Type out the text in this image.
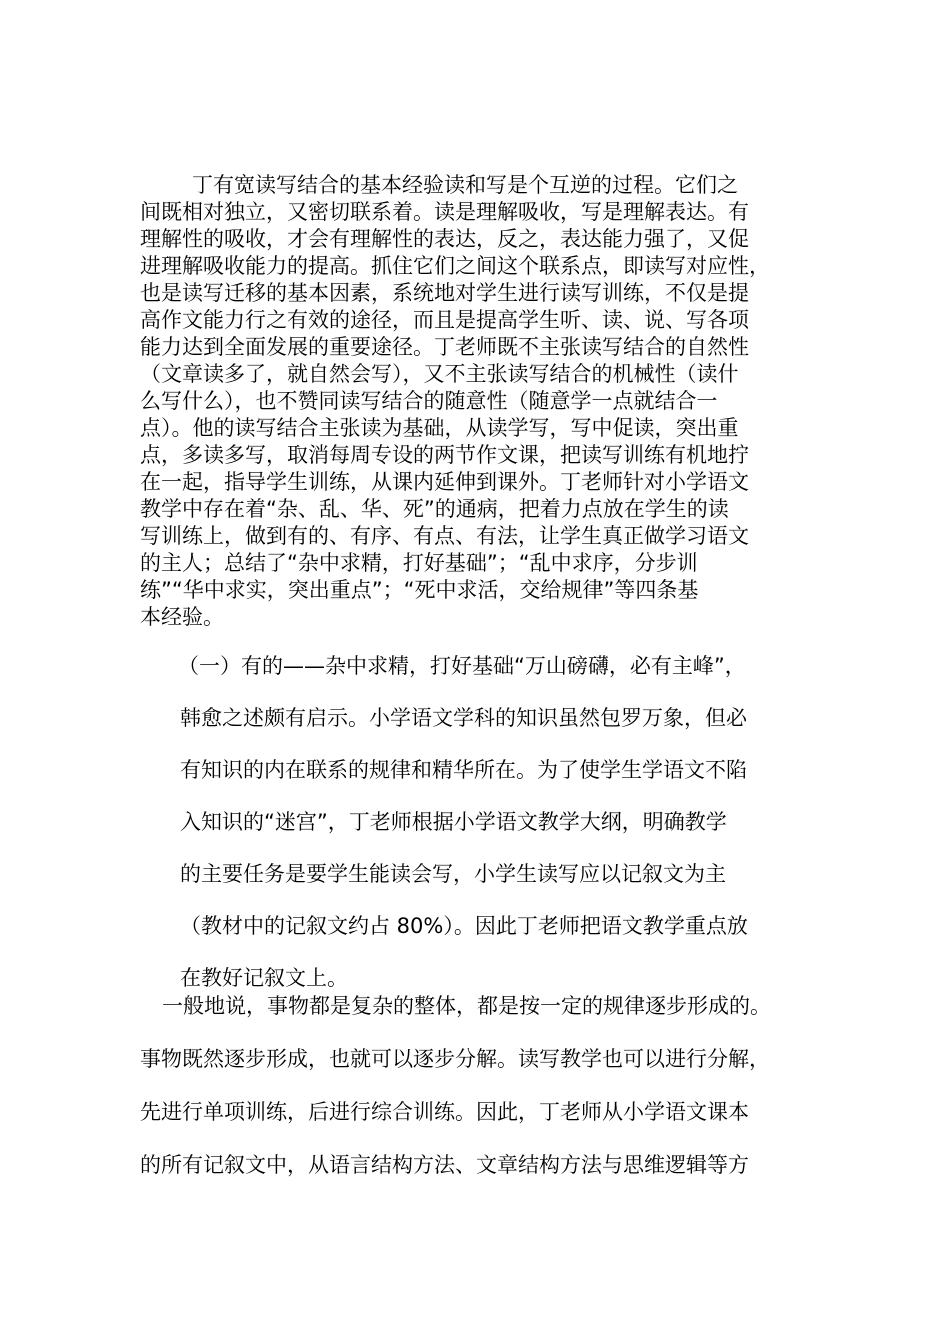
丁有宽读写结合的基本经验读和写是个互逆的过程。它们之
间既相对独立，又密切联系着。读是理解吸收，写是理解表达。有
理解性的吸收，才会有理解性的表达，反之，表达能力强了，又促
进理解吸收能力的提高。抓住它们之间这个联系点，即读写对应性，
也是读写迁移的基本因素，系统地对学生进行读写训练，不仅是提
高作文能力行之有效的途径，而且是提高学生听、读、说、写各项
能力达到全面发展的重要途径。丁老师既不主张读写结合的自然性
（文章读多了，就自然会写），又不主张读写结合的机械性（读什
么写什么），也不赞同读写结合的随意性（随意学一点就结合一
点）。他的读写结合主张读为基础，从读学写，写中促读，突出重
点，多读多写，取消每周专设的两节作文课，把读写训练有机地拧
在一起，指导学生训练，从课内延伸到课外。丁老师针对小学语文
教学中存在着“杂、乱、华、死”的通病，把着力点放在学生的读
写训练上，做到有的、有序、有点、有法，让学生真正做学习语文
的主人；总结了“杂中求精，打好基础”；“乱中求序，分步训
练”“华中求实，突出重点”；“死中求活，交给规律”等四条基
本经验。
（一）有的——杂中求精，打好基础“万山磅礴，必有主峰”，
韩愈之述颇有启示。小学语文学科的知识虽然包罗万象，但必
有知识的内在联系的规律和精华所在。为了使学生学语文不陷
入知识的“迷宫”，丁老师根据小学语文教学大纲，明确教学
的主要任务是要学生能读会写，小学生读写应以记叙文为主
（教材中的记叙文约占 80%）。因此丁老师把语文教学重点放
在教好记叙文上。
一般地说，事物都是复杂的整体，都是按一定的规律逐步形成的。
事物既然逐步形成，也就可以逐步分解。读写教学也可以进行分解，
先进行单项训练，后进行综合训练。因此，丁老师从小学语文课本
的所有记叙文中，从语言结构方法、文章结构方法与思维逻辑等方
